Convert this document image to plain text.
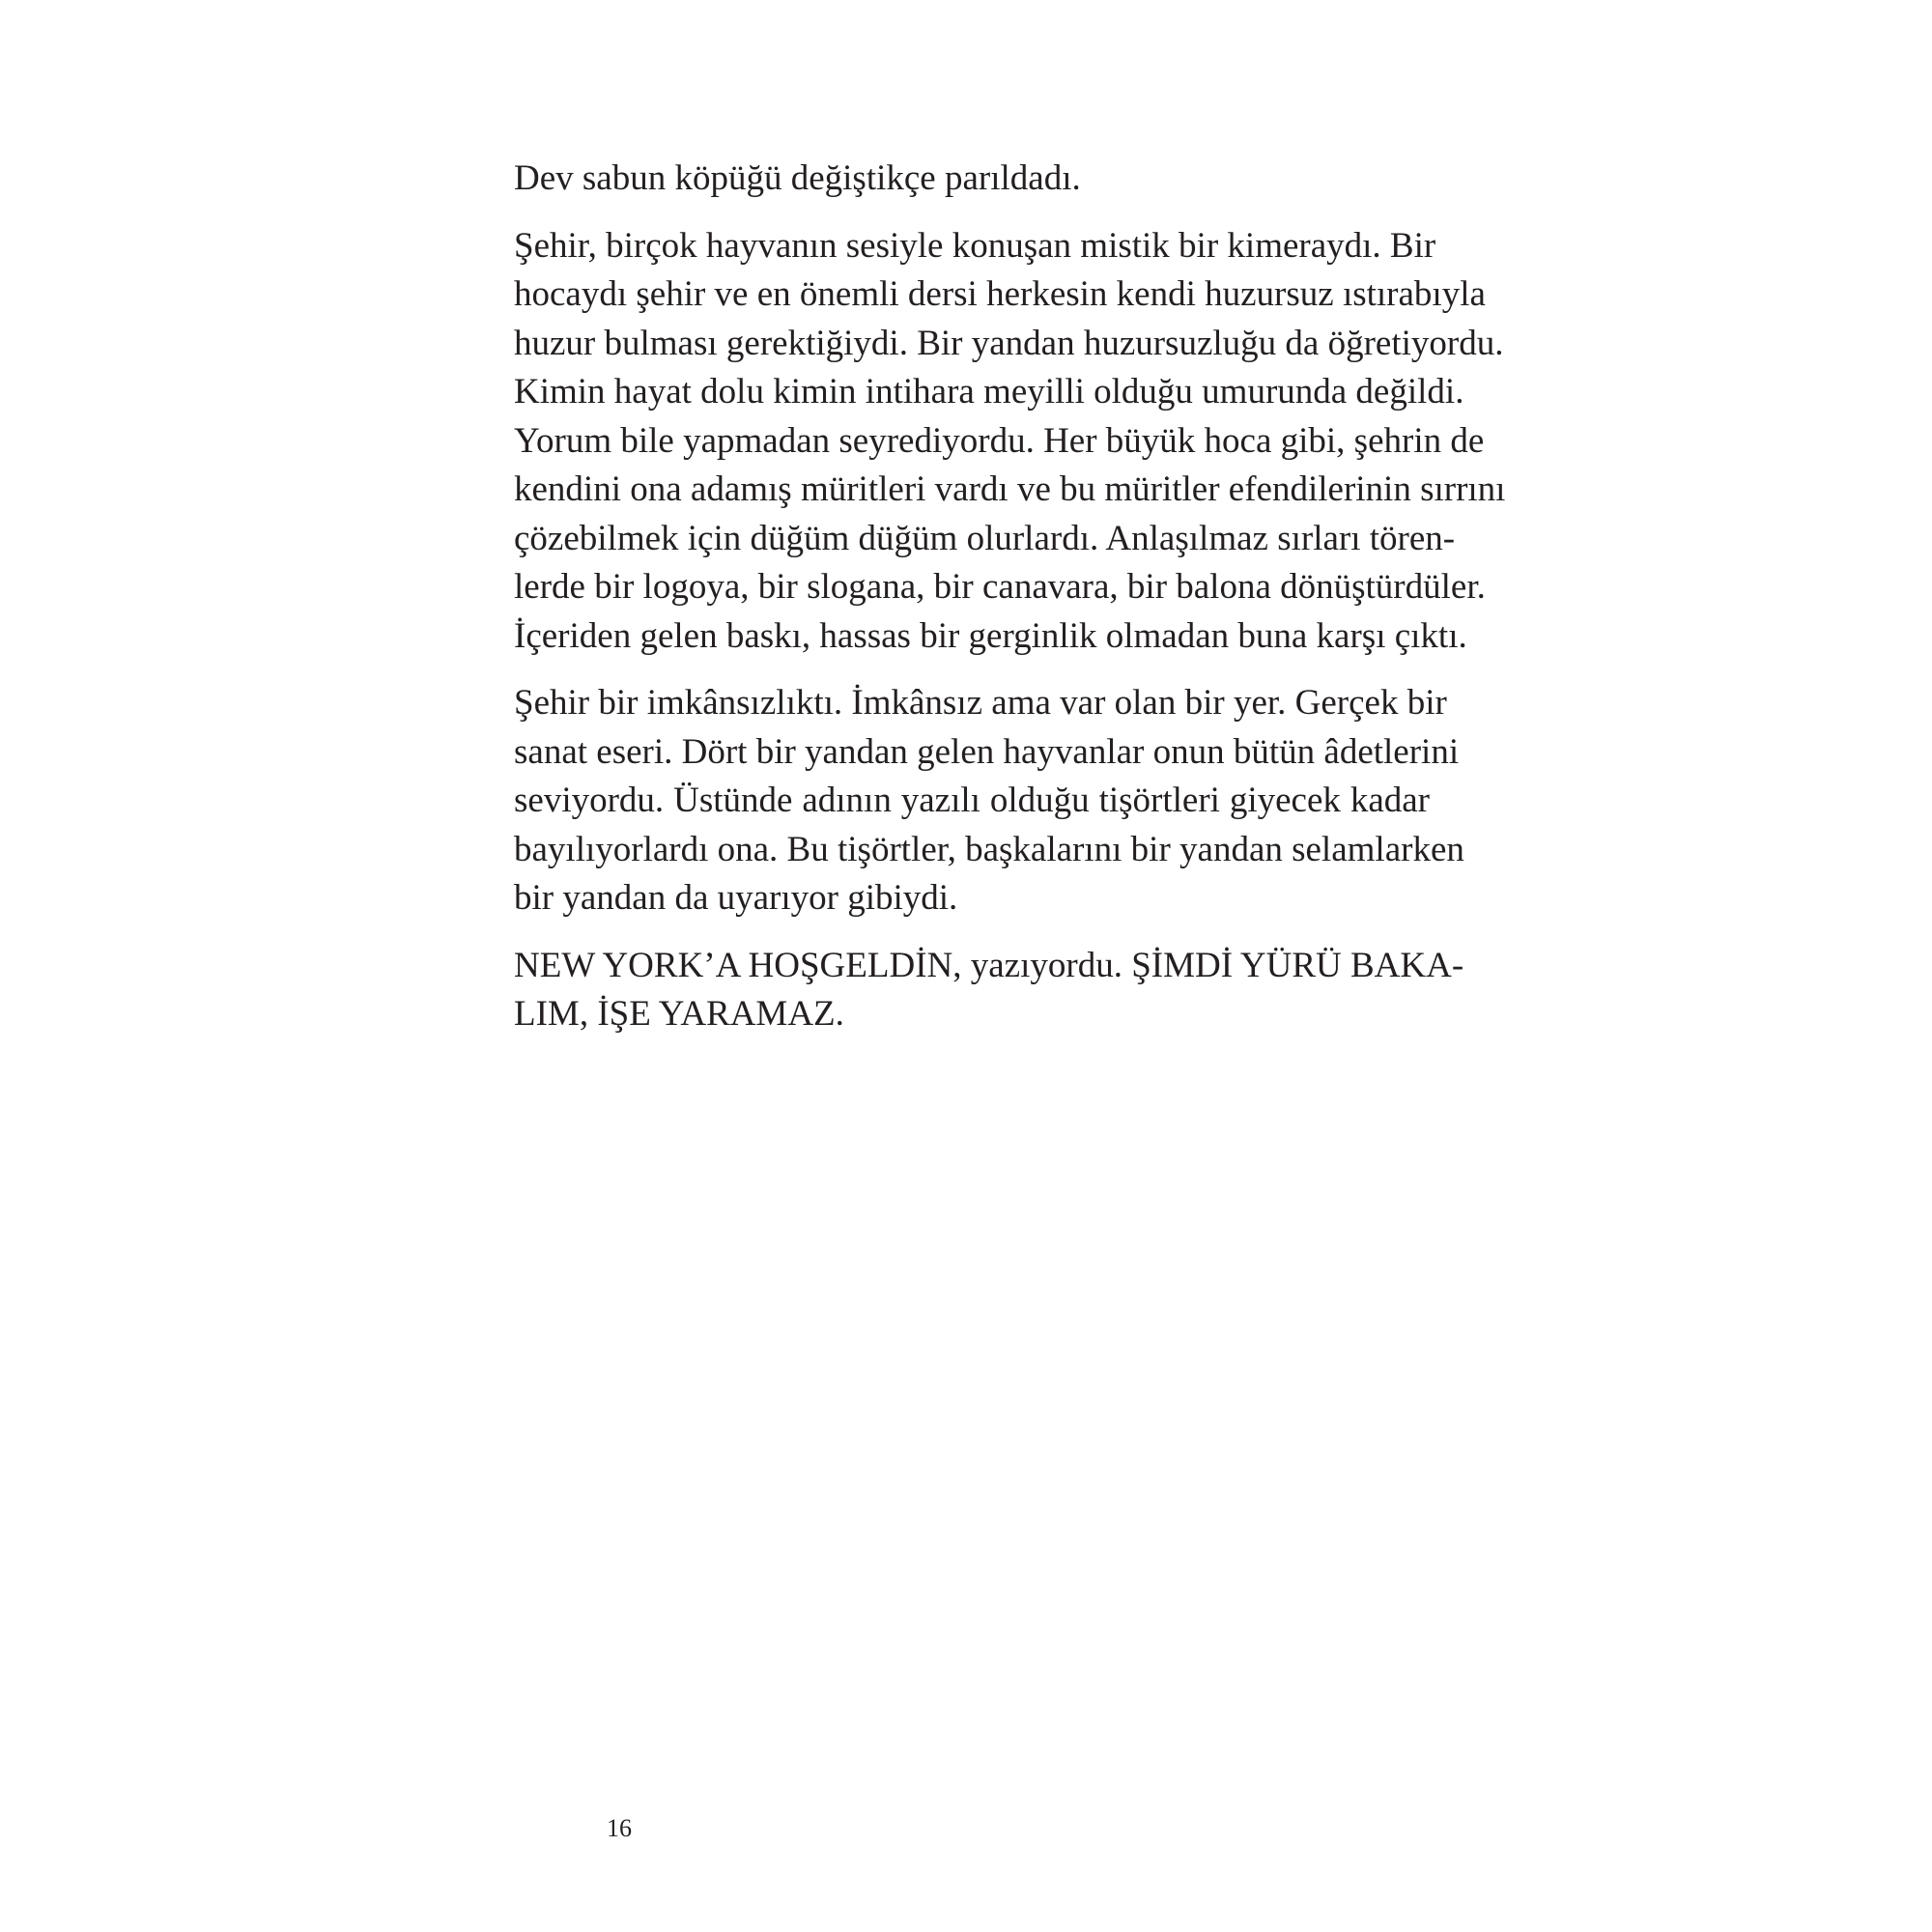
Dev sabun köpüğü değiştikçe parıldadı.
Şehir, birçok hayvanın sesiyle konuşan mistik bir kimeraydı. Bir
hocaydı şehir ve en önemli dersi herkesin kendi huzursuz ıstırabıyla
huzur bulması gerektiğiydi. Bir yandan huzursuzluğu da öğretiyordu.
Kimin hayat dolu kimin intihara meyilli olduğu umurunda değildi.
Yorum bile yapmadan seyrediyordu. Her büyük hoca gibi, şehrin de
kendini ona adamış müritleri vardı ve bu müritler efendilerinin sırrını
çözebilmek için düğüm düğüm olurlardı. Anlaşılmaz sırları tören-
lerde bir logoya, bir slogana, bir canavara, bir balona dönüştürdüler.
İçeriden gelen baskı, hassas bir gerginlik olmadan buna karşı çıktı.
Şehir bir imkânsızlıktı. İmkânsız ama var olan bir yer. Gerçek bir
sanat eseri. Dört bir yandan gelen hayvanlar onun bütün âdetlerini
seviyordu. Üstünde adının yazılı olduğu tişörtleri giyecek kadar
bayılıyorlardı ona. Bu tişörtler, başkalarını bir yandan selamlarken
bir yandan da uyarıyor gibiydi.
NEW YORK’A HOŞGELDİN, yazıyordu. ŞİMDİ YÜRÜ BAKA-
LIM, İŞE YARAMAZ.
16
